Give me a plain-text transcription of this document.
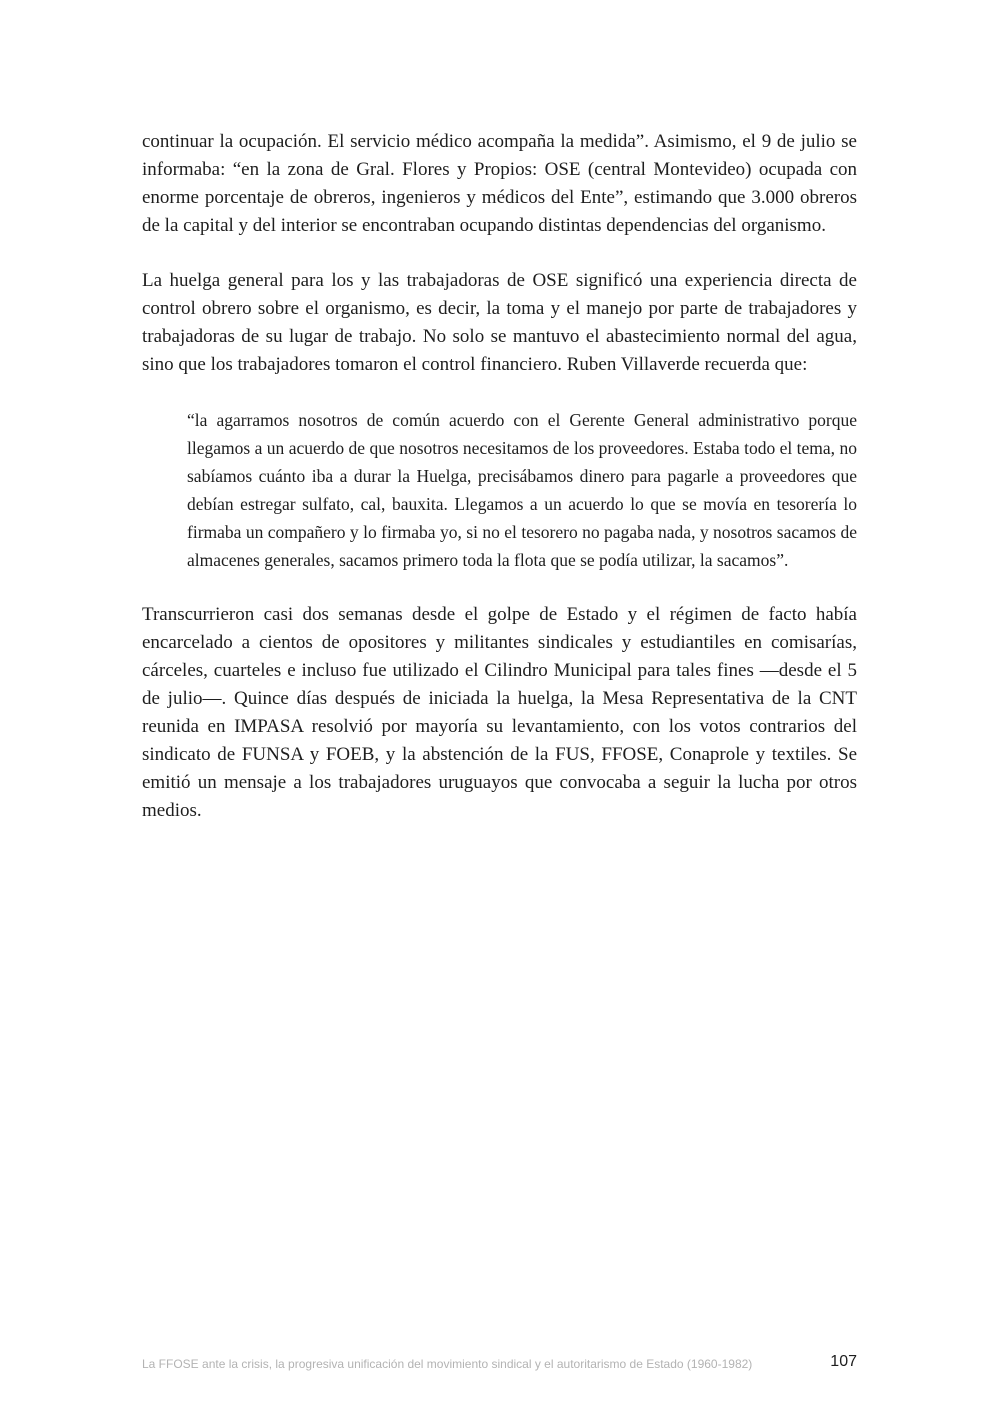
continuar la ocupación. El servicio médico acompaña la medida”. Asimismo, el 9 de julio se informaba: “en la zona de Gral. Flores y Propios: OSE (central Montevideo) ocupada con enorme porcentaje de obreros, ingenieros y médicos del Ente”, estimando que 3.000 obreros de la capital y del interior se encontraban ocupando distintas dependencias del organismo.

La huelga general para los y las trabajadoras de OSE significó una experiencia directa de control obrero sobre el organismo, es decir, la toma y el manejo por parte de trabajadores y trabajadoras de su lugar de trabajo. No solo se mantuvo el abastecimiento normal del agua, sino que los trabajadores tomaron el control financiero. Ruben Villaverde recuerda que:

“la agarramos nosotros de común acuerdo con el Gerente General administrativo porque llegamos a un acuerdo de que nosotros necesitamos de los proveedores. Estaba todo el tema, no sabíamos cuánto iba a durar la Huelga, precisábamos dinero para pagarle a proveedores que debían estregar sulfato, cal, bauxita. Llegamos a un acuerdo lo que se movía en tesorería lo firmaba un compañero y lo firmaba yo, si no el tesorero no pagaba nada, y nosotros sacamos de almacenes generales, sacamos primero toda la flota que se podía utilizar, la sacamos”.

Transcurrieron casi dos semanas desde el golpe de Estado y el régimen de facto había encarcelado a cientos de opositores y militantes sindicales y estudiantiles en comisarías, cárceles, cuarteles e incluso fue utilizado el Cilindro Municipal para tales fines —desde el 5 de julio—. Quince días después de iniciada la huelga, la Mesa Representativa de la CNT reunida en IMPASA resolvió por mayoría su levantamiento, con los votos contrarios del sindicato de FUNSA y FOEB, y la abstención de la FUS, FFOSE, Conaprole y textiles. Se emitió un mensaje a los trabajadores uruguayos que convocaba a seguir la lucha por otros medios.

La FFOSE ante la crisis, la progresiva unificación del movimiento sindical y el autoritarismo de Estado (1960-1982)	107
